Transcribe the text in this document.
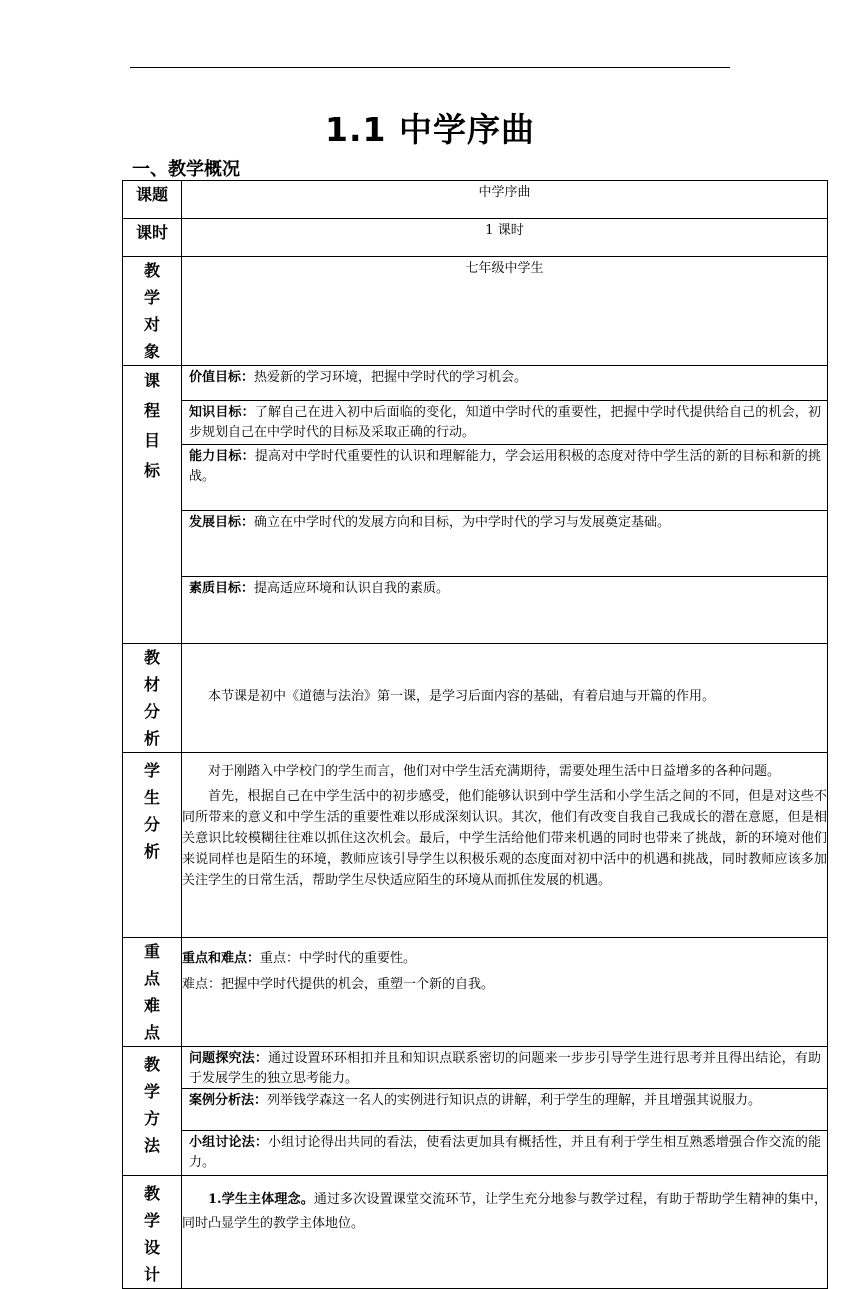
1.1 中学序曲
一、教学概况
课题	中学序曲
课时	1 课时
教学对象	七年级中学生
课程目标	价值目标：热爱新的学习环境，把握中学时代的学习机会。
知识目标：了解自己在进入初中后面临的变化，知道中学时代的重要性，把握中学时代提供给自己的机会，初步规划自己在中学时代的目标及采取正确的行动。
能力目标：提高对中学时代重要性的认识和理解能力，学会运用积极的态度对待中学生活的新的目标和新的挑战。
发展目标：确立在中学时代的发展方向和目标，为中学时代的学习与发展奠定基础。
素质目标：提高适应环境和认识自我的素质。

教材分析	本节课是初中《道德与法治》第一课，是学习后面内容的基础，有着启迪与开篇的作用。

学生分析	对于刚踏入中学校门的学生而言，他们对中学生活充满期待，需要处理生活中日益增多的各种问题。

首先，根据自己在中学生活中的初步感受，他们能够认识到中学生活和小学生活之间的不同，但是对这些不同所带来的意义和中学生活的重要性难以形成深刻认识。其次，他们有改变自我自己我成长的潜在意愿，但是相关意识比较模糊往往难以抓住这次机会。最后，中学生活给他们带来机遇的同时也带来了挑战，新的环境对他们来说同样也是陌生的环境，教师应该引导学生以积极乐观的态度面对初中活中的机遇和挑战，同时教师应该多加关注学生的日常生活，帮助学生尽快适应陌生的环境从而抓住发展的机遇。

重点难点	重点和难点：重点：中学时代的重要性。
难点：把握中学时代提供的机会，重塑一个新的自我。

教学方法	问题探究法：通过设置环环相扣并且和知识点联系密切的问题来一步步引导学生进行思考并且得出结论，有助于发展学生的独立思考能力。
案例分析法：列举钱学森这一名人的实例进行知识点的讲解，利于学生的理解，并且增强其说服力。
小组讨论法：小组讨论得出共同的看法，使看法更加具有概括性，并且有利于学生相互熟悉增强合作交流的能力。

教学设计	1.学生主体理念。通过多次设置课堂交流环节，让学生充分地参与教学过程，有助于帮助学生精神的集中，同时凸显学生的教学主体地位。
